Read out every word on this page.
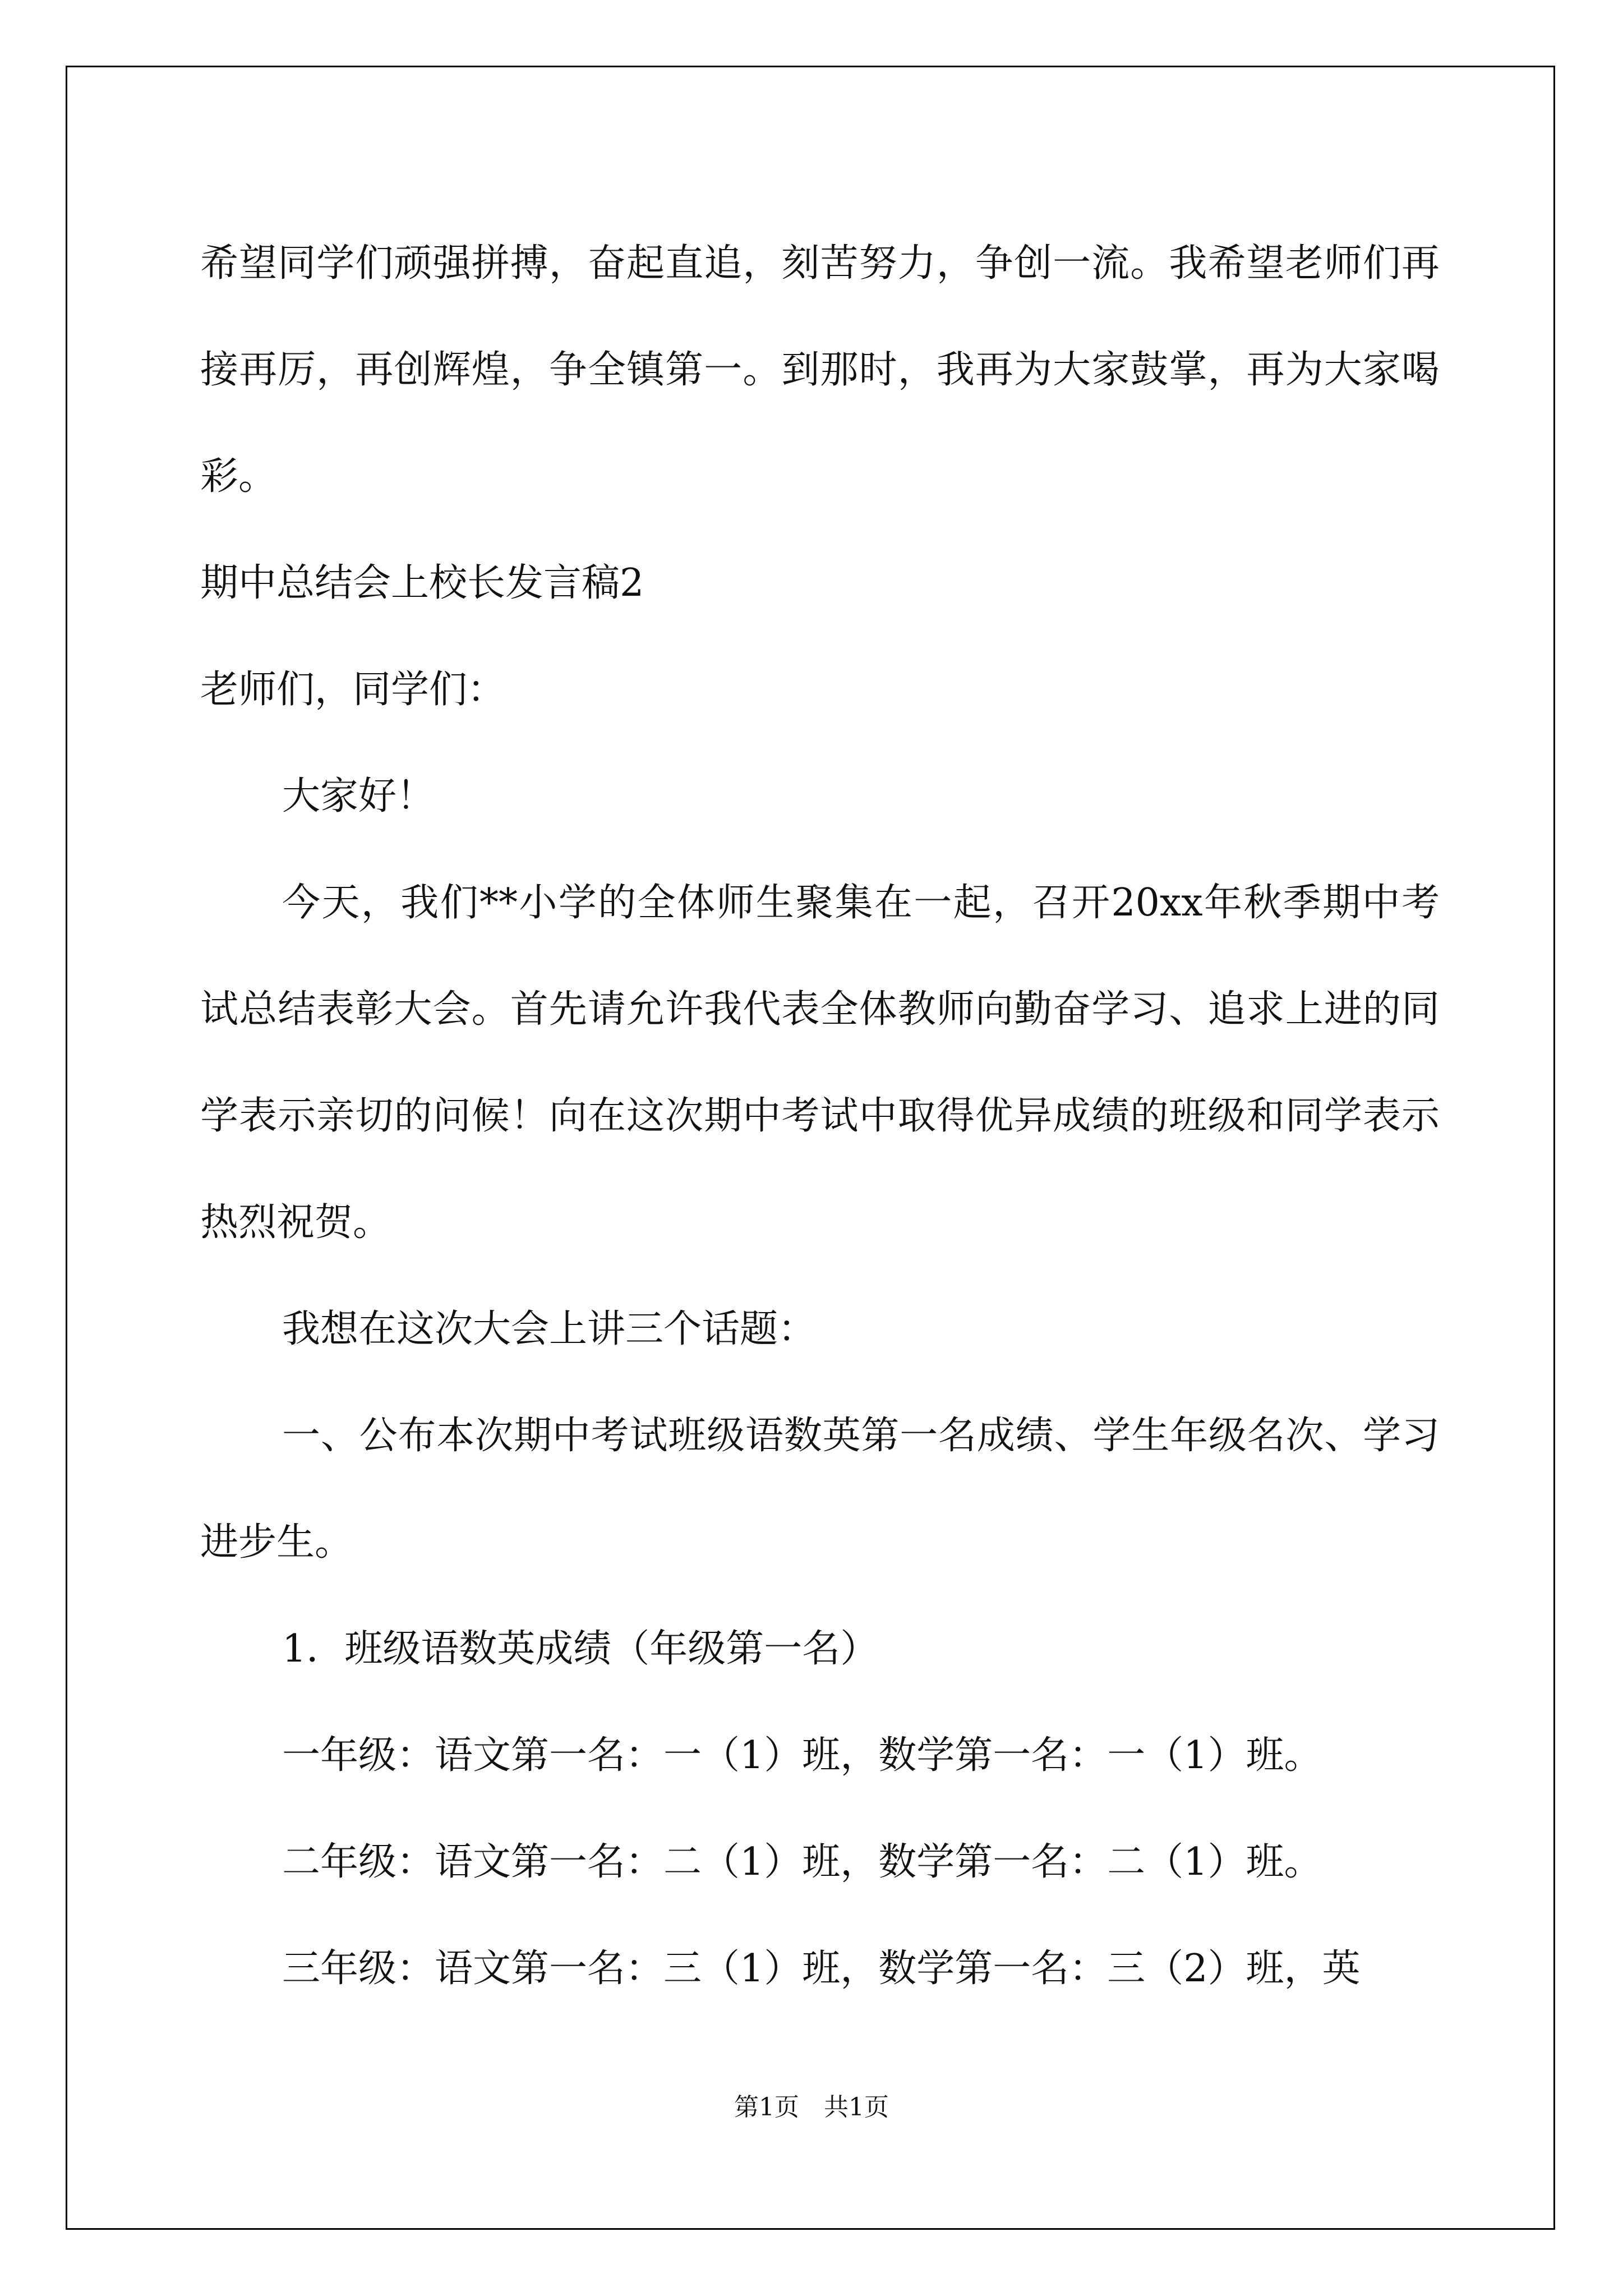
希望同学们顽强拼搏，奋起直追，刻苦努力，争创一流。我希望老师们再接再厉，再创辉煌，争全镇第一。到那时，我再为大家鼓掌，再为大家喝彩。

期中总结会上校长发言稿2

老师们，同学们：

大家好！

今天，我们**小学的全体师生聚集在一起，召开20xx年秋季期中考试总结表彰大会。首先请允许我代表全体教师向勤奋学习、追求上进的同学表示亲切的问候！向在这次期中考试中取得优异成绩的班级和同学表示热烈祝贺。

我想在这次大会上讲三个话题：

一、公布本次期中考试班级语数英第一名成绩、学生年级名次、学习进步生。

1．班级语数英成绩（年级第一名）

一年级：语文第一名：一（1）班，数学第一名：一（1）班。

二年级：语文第一名：二（1）班，数学第一名：二（1）班。

三年级：语文第一名：三（1）班，数学第一名：三（2）班，英

第1页　共1页
